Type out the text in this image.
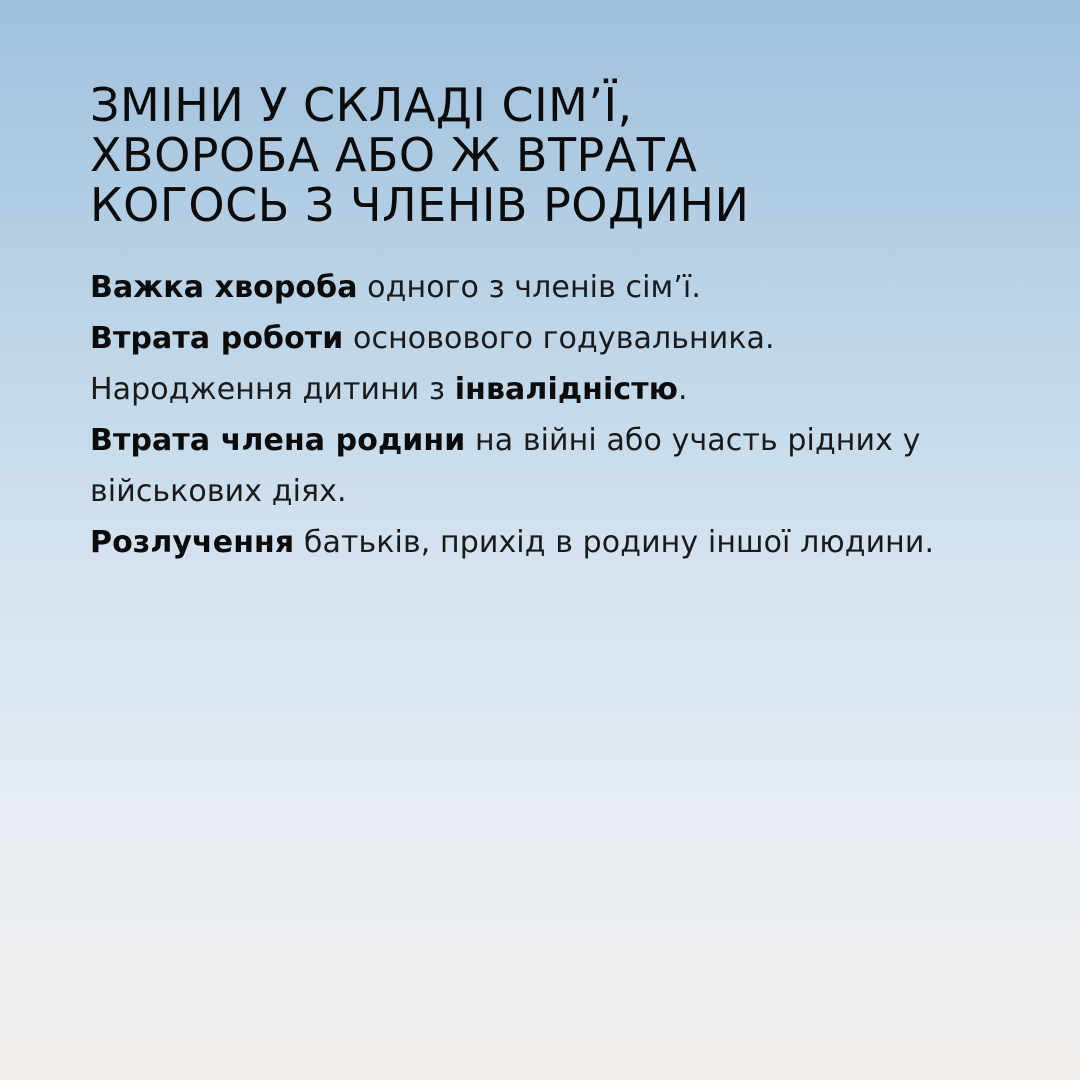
ЗМІНИ У СКЛАДІ СІМ’Ї,
ХВОРОБА АБО Ж ВТРАТА
КОГОСЬ З ЧЛЕНІВ РОДИНИ
Важка хвороба одного з членів сім’ї.
Втрата роботи основового годувальника.
Народження дитини з інвалідністю.
Втрата члена родини на війні або участь рідних у військових діях.
Розлучення батьків, прихід в родину іншої людини.
